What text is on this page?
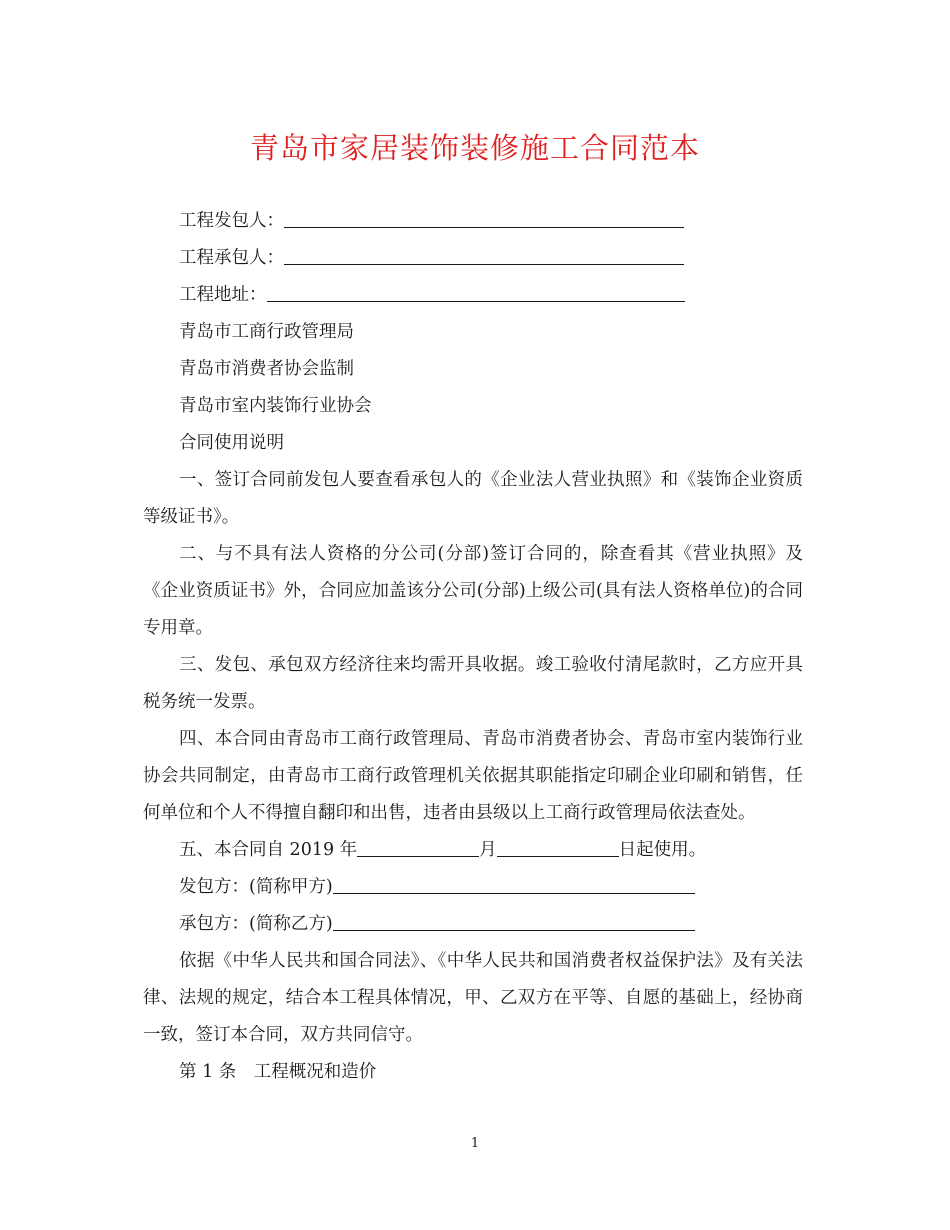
青岛市家居装饰装修施工合同范本

工程发包人：

工程承包人：

工程地址：

青岛市工商行政管理局

青岛市消费者协会监制

青岛市室内装饰行业协会

合同使用说明

一、签订合同前发包人要查看承包人的《企业法人营业执照》和《装饰企业资质等级证书》。

二、与不具有法人资格的分公司(分部)签订合同的，除查看其《营业执照》及《企业资质证书》外，合同应加盖该分公司(分部)上级公司(具有法人资格单位)的合同专用章。

三、发包、承包双方经济往来均需开具收据。竣工验收付清尾款时，乙方应开具税务统一发票。

四、本合同由青岛市工商行政管理局、青岛市消费者协会、青岛市室内装饰行业协会共同制定，由青岛市工商行政管理机关依据其职能指定印刷企业印刷和销售，任何单位和个人不得擅自翻印和出售，违者由县级以上工商行政管理局依法查处。

五、本合同自 2019 年	月	日起使用。

发包方：(简称甲方)

承包方：(简称乙方)

依据《中华人民共和国合同法》、《中华人民共和国消费者权益保护法》及有关法律、法规的规定，结合本工程具体情况，甲、乙双方在平等、自愿的基础上，经协商一致，签订本合同，双方共同信守。

第 1 条　工程概况和造价

1
